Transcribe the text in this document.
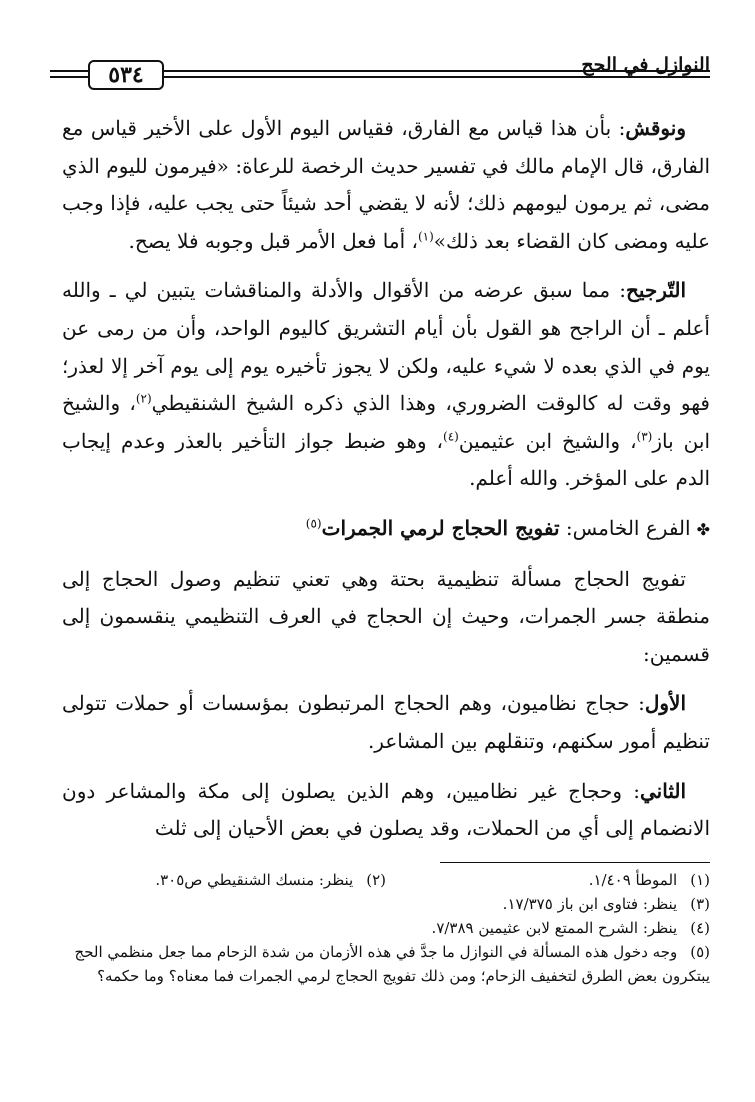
٥٣٤	النوازل في الحج

ونوقش: بأن هذا قياس مع الفارق، فقياس اليوم الأول على الأخير قياس مع الفارق، قال الإمام مالك في تفسير حديث الرخصة للرعاة: «فيرمون لليوم الذي مضى، ثم يرمون ليومهم ذلك؛ لأنه لا يقضي أحد شيئاً حتى يجب عليه، فإذا وجب عليه ومضى كان القضاء بعد ذلك»$^{(١)}$، أما فعل الأمر قبل وجوبه فلا يصح.

التّرجيح: مما سبق عرضه من الأقوال والأدلة والمناقشات يتبين لي ـ والله أعلم ـ أن الراجح هو القول بأن أيام التشريق كاليوم الواحد، وأن من رمى عن يوم في الذي بعده لا شيء عليه، ولكن لا يجوز تأخيره يوم إلى يوم آخر إلا لعذر؛ فهو وقت له كالوقت الضروري، وهذا الذي ذكره الشيخ الشنقيطي$^{(٢)}$، والشيخ ابن باز$^{(٣)}$، والشيخ ابن عثيمين$^{(٤)}$، وهو ضبط جواز التأخير بالعذر وعدم إيجاب الدم على المؤخر. والله أعلم.

✤الفرع الخامس: تفويج الحجاج لرمي الجمرات$^{(٥)}$

تفويج الحجاج مسألة تنظيمية بحتة وهي تعني تنظيم وصول الحجاج إلى منطقة جسر الجمرات، وحيث إن الحجاج في العرف التنظيمي ينقسمون إلى قسمين:

الأول: حجاج نظاميون، وهم الحجاج المرتبطون بمؤسسات أو حملات تتولى تنظيم أمور سكنهم، وتنقلهم بين المشاعر.

الثاني: وحجاج غير نظاميين، وهم الذين يصلون إلى مكة والمشاعر دون الانضمام إلى أي من الحملات، وقد يصلون في بعض الأحيان إلى ثلث

(١) الموطأ ١/٤٠٩.
(٢) ينظر: منسك الشنقيطي ص٣٠٥.

(٣) ينظر: فتاوى ابن باز ١٧/٣٧٥.

(٤) ينظر: الشرح الممتع لابن عثيمين ٧/٣٨٩.

(٥) وجه دخول هذه المسألة في النوازل ما جدَّ في هذه الأزمان من شدة الزحام مما جعل منظمي الحج يبتكرون بعض الطرق لتخفيف الزحام؛ ومن ذلك تفويج الحجاج لرمي الجمرات فما معناه؟ وما حكمه؟
